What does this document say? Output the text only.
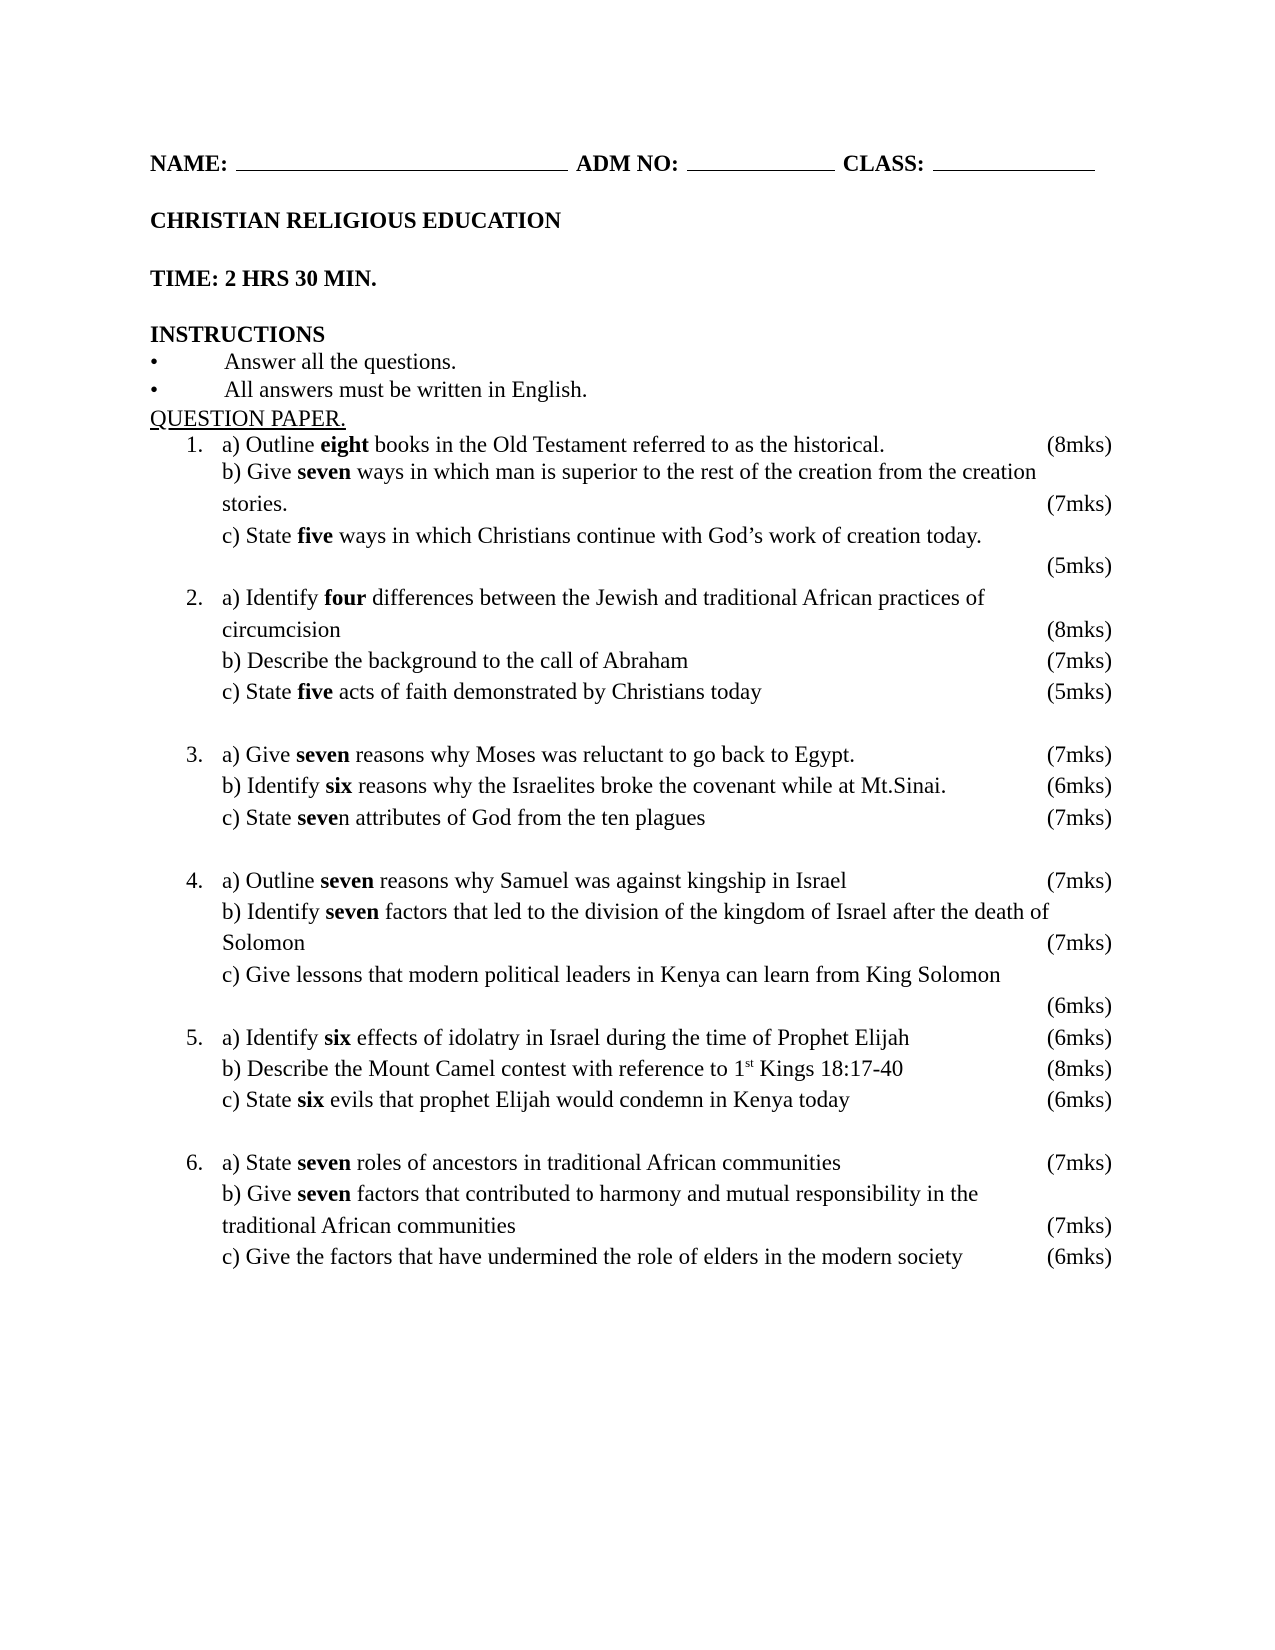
NAME:	ADM NO:	CLASS:
CHRISTIAN RELIGIOUS EDUCATION
TIME: 2 HRS 30 MIN.
INSTRUCTIONS
•	Answer all the questions.
•	All answers must be written in English.
QUESTION PAPER.
1. a) Outline eight books in the Old Testament referred to as the historical.	(8mks)
b) Give seven ways in which man is superior to the rest of the creation from the creation
stories.	(7mks)
c) State five ways in which Christians continue with God’s work of creation today.
(5mks)
2. a) Identify four differences between the Jewish and traditional African practices of
circumcision	(8mks)
b) Describe the background to the call of Abraham	(7mks)
c) State five acts of faith demonstrated by Christians today	(5mks)
3. a) Give seven reasons why Moses was reluctant to go back to Egypt.	(7mks)
b) Identify six reasons why the Israelites broke the covenant while at Mt.Sinai.	(6mks)
c) State seven attributes of God from the ten plagues	(7mks)
4. a) Outline seven reasons why Samuel was against kingship in Israel	(7mks)
b) Identify seven factors that led to the division of the kingdom of Israel after the death of
Solomon	(7mks)
c) Give lessons that modern political leaders in Kenya can learn from King Solomon
(6mks)
5. a) Identify six effects of idolatry in Israel during the time of Prophet Elijah	(6mks)
b) Describe the Mount Camel contest with reference to 1st Kings 18:17-40	(8mks)
c) State six evils that prophet Elijah would condemn in Kenya today	(6mks)
6. a) State seven roles of ancestors in traditional African communities	(7mks)
b) Give seven factors that contributed to harmony and mutual responsibility in the
traditional African communities	(7mks)
c) Give the factors that have undermined the role of elders in the modern society	(6mks)
